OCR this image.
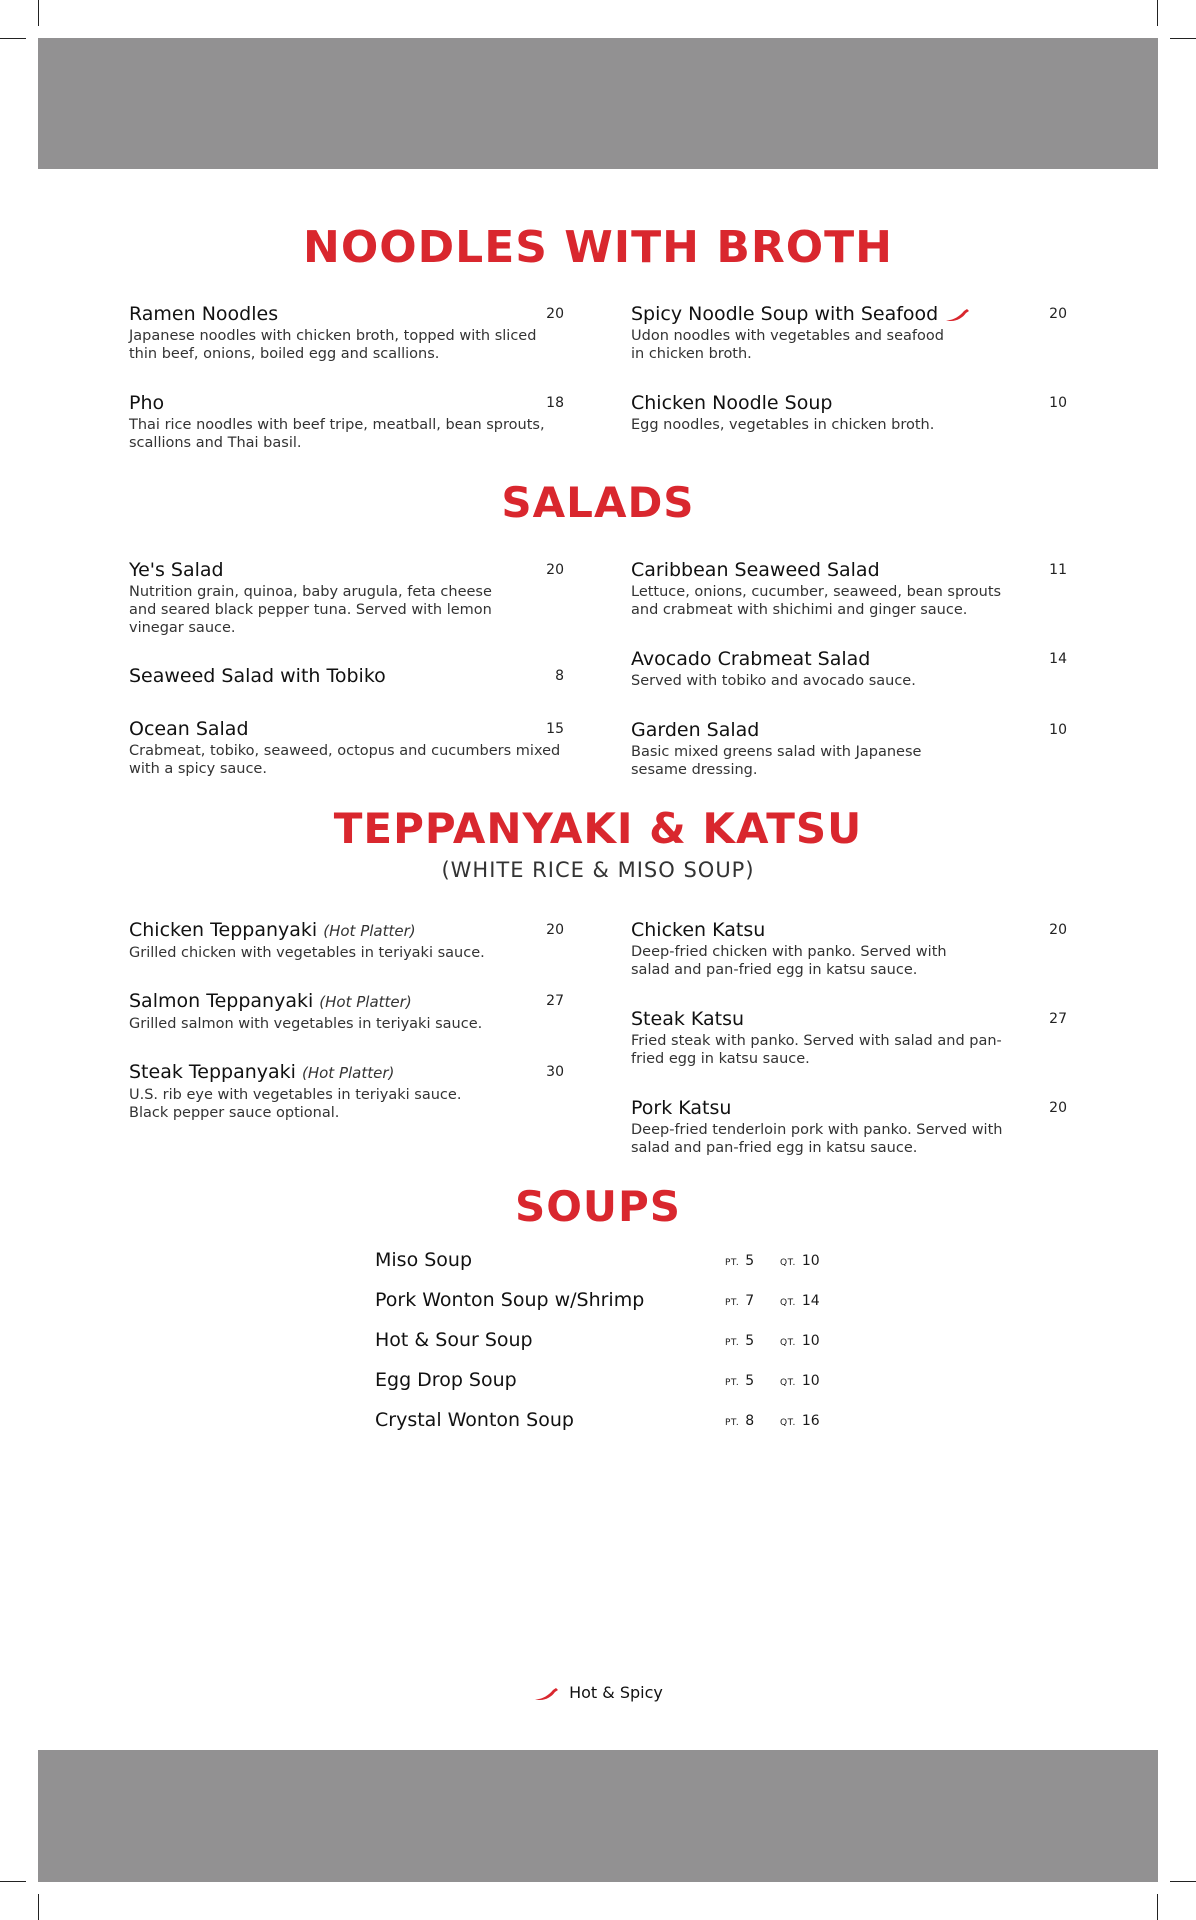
NOODLES WITH BROTH
Ramen Noodles
Japanese noodles with chicken broth, topped with sliced thin beef, onions, boiled egg and scallions.
20
Pho
Thai rice noodles with beef tripe, meatball, bean sprouts, scallions and Thai basil.
18
Spicy Noodle Soup with Seafood
Udon noodles with vegetables and seafood in chicken broth.
20
Chicken Noodle Soup
Egg noodles, vegetables in chicken broth.
10
SALADS
Ye's Salad
Nutrition grain, quinoa, baby arugula, feta cheese and seared black pepper tuna. Served with lemon vinegar sauce.
20
Seaweed Salad with Tobiko	8
Ocean Salad
Crabmeat, tobiko, seaweed, octopus and cucumbers mixed with a spicy sauce.
15
Caribbean Seaweed Salad
Lettuce, onions, cucumber, seaweed, bean sprouts and crabmeat with shichimi and ginger sauce.
11
Avocado Crabmeat Salad
Served with tobiko and avocado sauce.
14
Garden Salad
Basic mixed greens salad with Japanese sesame dressing.
10
TEPPANYAKI & KATSU
(WHITE RICE & MISO SOUP)
Chicken Teppanyaki (Hot Platter)
Grilled chicken with vegetables in teriyaki sauce.
20
Salmon Teppanyaki (Hot Platter)
Grilled salmon with vegetables in teriyaki sauce.
27
Steak Teppanyaki (Hot Platter)
U.S. rib eye with vegetables in teriyaki sauce. Black pepper sauce optional.
30
Chicken Katsu
Deep-fried chicken with panko. Served with salad and pan-fried egg in katsu sauce.
20
Steak Katsu
Fried steak with panko. Served with salad and pan-fried egg in katsu sauce.
27
Pork Katsu
Deep-fried tenderloin pork with panko. Served with salad and pan-fried egg in katsu sauce.
20
SOUPS
Miso Soup	PT. 5	QT. 10
Pork Wonton Soup w/Shrimp	PT. 7	QT. 14
Hot & Sour Soup	PT. 5	QT. 10
Egg Drop Soup	PT. 5	QT. 10
Crystal Wonton Soup	PT. 8	QT. 16
Hot & Spicy
